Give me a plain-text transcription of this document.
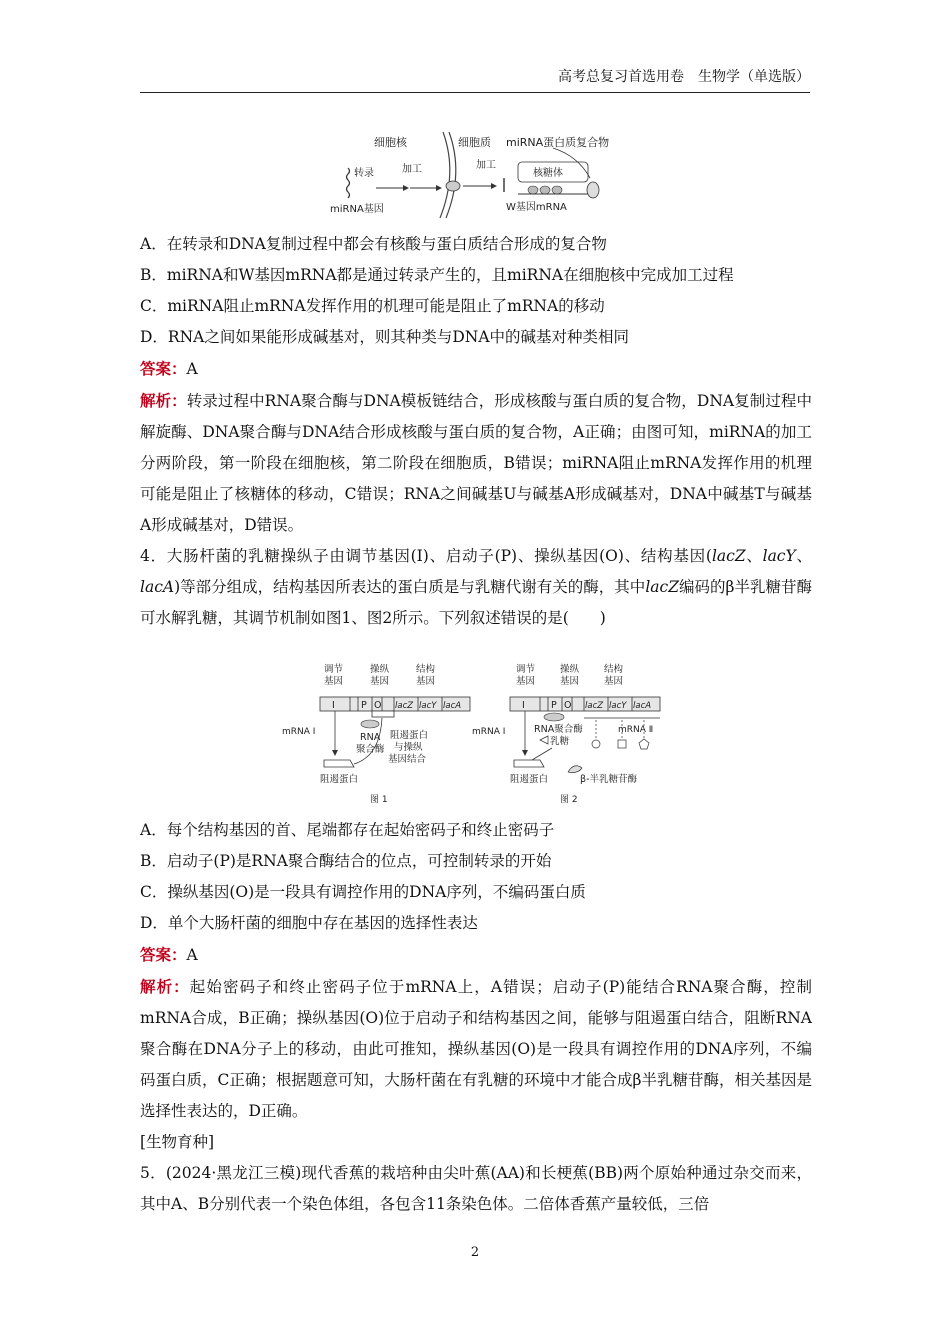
高考总复习首选用卷　生物学（单选版）
细胞核	细胞质 miRNA蛋白质复合物
转录	加工	加工
核糖体
miRNA基因	W基因mRNA

A．在转录和DNA复制过程中都会有核酸与蛋白质结合形成的复合物

B．miRNA和W基因mRNA都是通过转录产生的，且miRNA在细胞核中完成加工过程

C．miRNA阻止mRNA发挥作用的机理可能是阻止了mRNA的移动

D．RNA之间如果能形成碱基对，则其种类与DNA中的碱基对种类相同

答案：A

解析：转录过程中RNA聚合酶与DNA模板链结合，形成核酸与蛋白质的复合物，DNA复制过程中解旋酶、DNA聚合酶与DNA结合形成核酸与蛋白质的复合物，A正确；由图可知，miRNA的加工分两阶段，第一阶段在细胞核，第二阶段在细胞质，B错误；miRNA阻止mRNA发挥作用的机理可能是阻止了核糖体的移动，C错误；RNA之间碱基U与碱基A形成碱基对，DNA中碱基T与碱基A形成碱基对，D错误。

4．大肠杆菌的乳糖操纵子由调节基因(I)、启动子(P)、操纵基因(O)、结构基因(lacZ、lacY、lacA)等部分组成，结构基因所表达的蛋白质是与乳糖代谢有关的酶，其中lacZ编码的β半乳糖苷酶可水解乳糖，其调节机制如图1、图2所示。下列叙述错误的是(　　)

调节
基因
操纵
基因
结构
基因
I	P O lacZ lacY lacA
RNA
聚合酶
mRNA Ⅰ	阻遏蛋白
与操纵
基因结合
阻遏蛋白
图 1
调节
基因
操纵
基因
结构
基因
I	P O lacZ lacY lacA
RNA聚合酶
mRNA Ⅰ	mRNA Ⅱ
乳糖
阻遏蛋白	β-半乳糖苷酶
图 2

A．每个结构基因的首、尾端都存在起始密码子和终止密码子

B．启动子(P)是RNA聚合酶结合的位点，可控制转录的开始

C．操纵基因(O)是一段具有调控作用的DNA序列，不编码蛋白质

D．单个大肠杆菌的细胞中存在基因的选择性表达

答案：A

解析：起始密码子和终止密码子位于mRNA上，A错误；启动子(P)能结合RNA聚合酶，控制mRNA合成，B正确；操纵基因(O)位于启动子和结构基因之间，能够与阻遏蛋白结合，阻断RNA聚合酶在DNA分子上的移动，由此可推知，操纵基因(O)是一段具有调控作用的DNA序列，不编码蛋白质，C正确；根据题意可知，大肠杆菌在有乳糖的环境中才能合成β半乳糖苷酶，相关基因是选择性表达的，D正确。

[生物育种]

5．(2024·黑龙江三模)现代香蕉的栽培种由尖叶蕉(AA)和长梗蕉(BB)两个原始种通过杂交而来，其中A、B分别代表一个染色体组，各包含11条染色体。二倍体香蕉产量较低，三倍

2
